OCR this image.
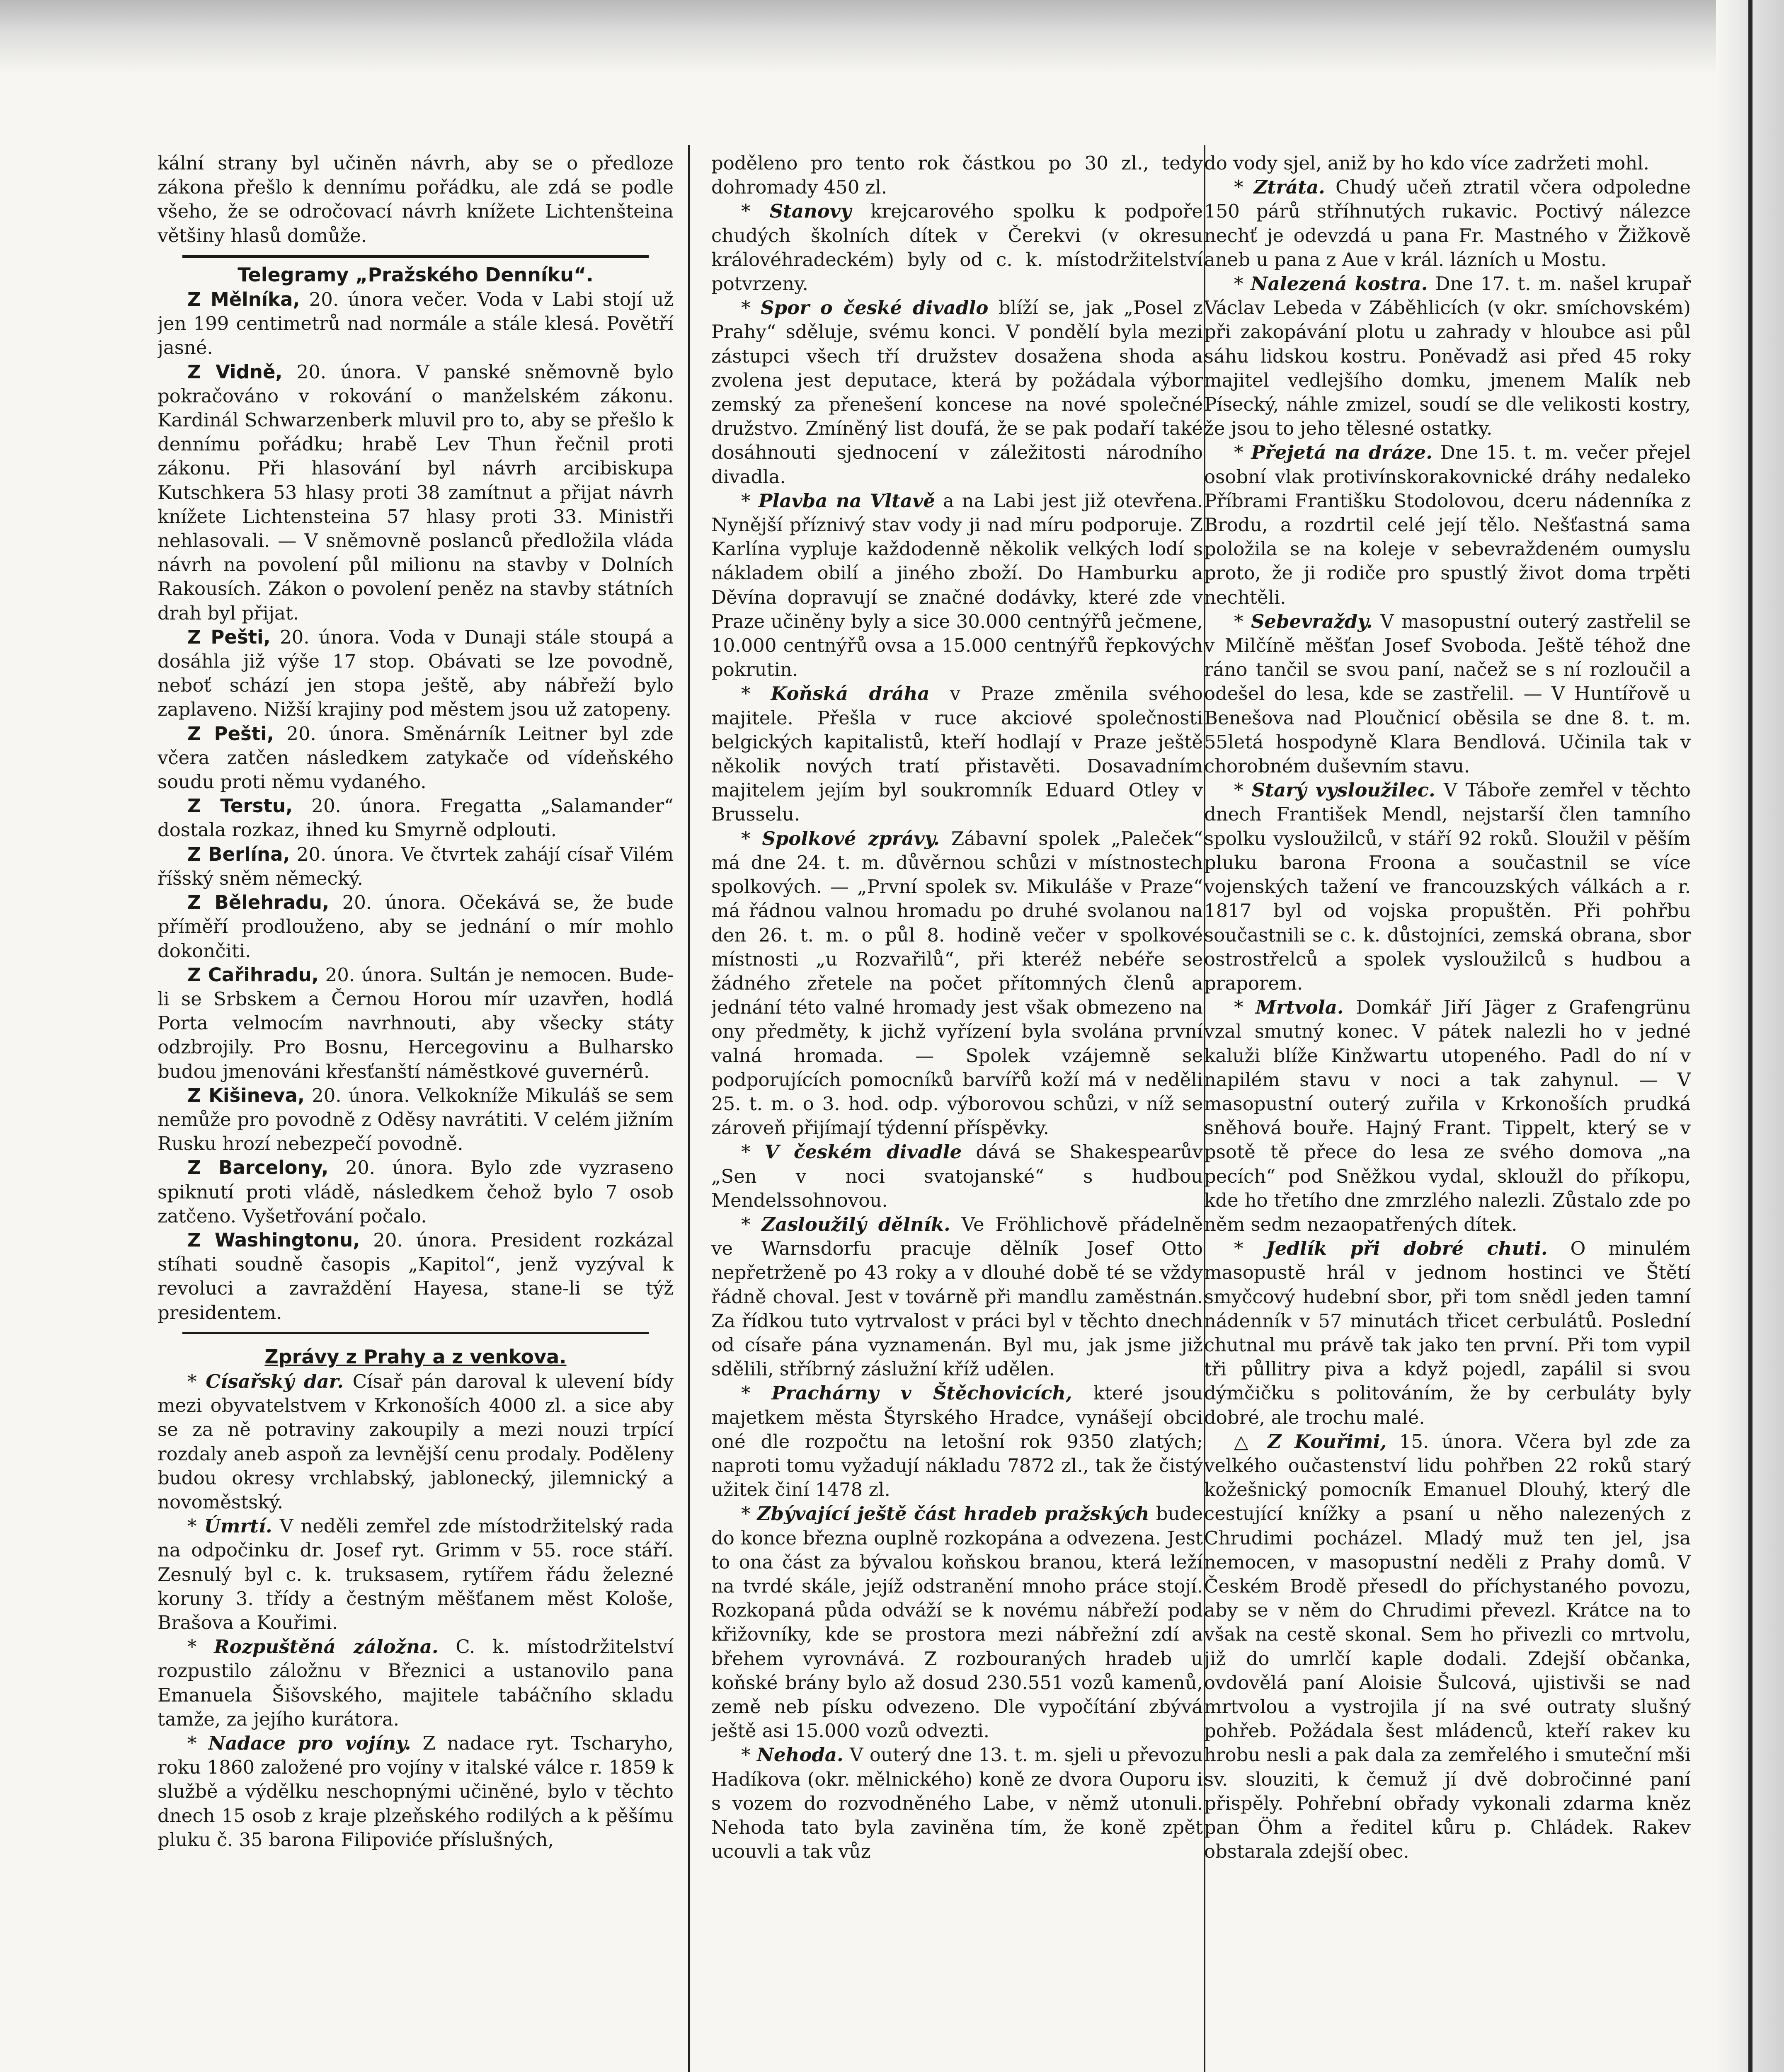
kální strany byl učiněn návrh, aby se o předloze zákona přešlo k dennímu pořádku, ale zdá se podle všeho, že se odročovací návrh knížete Lichtenšteina většiny hlasů domůže.

Telegramy „Pražského Denníku“.

Z Mělníka, 20. února večer. Voda v Labi stojí už jen 199 centimetrů nad normále a stále klesá. Povětří jasné.

Z Vidně, 20. února. V panské sněmovně bylo pokračováno v rokování o manželském zákonu. Kardinál Schwarzenberk mluvil pro to, aby se přešlo k dennímu pořádku; hrabě Lev Thun řečnil proti zákonu. Při hlasování byl návrh arcibiskupa Kutschkera 53 hlasy proti 38 zamítnut a přijat návrh knížete Lichtensteina 57 hlasy proti 33. Ministři nehlasovali. — V sněmovně poslanců předložila vláda návrh na povolení půl milionu na stavby v Dolních Rakousích. Zákon o povolení peněz na stavby státních drah byl přijat.

Z Pešti, 20. února. Voda v Dunaji stále stoupá a dosáhla již výše 17 stop. Obávati se lze povodně, neboť schází jen stopa ještě, aby nábřeží bylo zaplaveno. Nižší krajiny pod městem jsou už zatopeny.

Z Pešti, 20. února. Směnárník Leitner byl zde včera zatčen následkem zatykače od vídeňského soudu proti němu vydaného.

Z Terstu, 20. února. Fregatta „Salamander“ dostala rozkaz, ihned ku Smyrně odplouti.

Z Berlína, 20. února. Ve čtvrtek zahájí císař Vilém říšský sněm německý.

Z Bělehradu, 20. února. Očekává se, že bude příměří prodlouženo, aby se jednání o mír mohlo dokončiti.

Z Cařihradu, 20. února. Sultán je nemocen. Bude-li se Srbskem a Černou Horou mír uzavřen, hodlá Porta velmocím navrhnouti, aby všecky státy odzbrojily. Pro Bosnu, Hercegovinu a Bulharsko budou jmenováni křesťanští náměstkové guvernérů.

Z Kišineva, 20. února. Velkokníže Mikuláš se sem nemůže pro povodně z Oděsy navrátiti. V celém jižním Rusku hrozí nebezpečí povodně.

Z Barcelony, 20. února. Bylo zde vyzraseno spiknutí proti vládě, následkem čehož bylo 7 osob zatčeno. Vyšetřování počalo.

Z Washingtonu, 20. února. President rozkázal stíhati soudně časopis „Kapitol“, jenž vyzýval k revoluci a zavraždění Hayesa, stane-li se týž presidentem.

Zprávy z Prahy a z venkova.

* Císařský dar. Císař pán daroval k ulevení bídy mezi obyvatelstvem v Krkonoších 4000 zl. a sice aby se za ně potraviny zakoupily a mezi nouzi trpící rozdaly aneb aspoň za levnější cenu prodaly. Poděleny budou okresy vrchlabský, jablonecký, jilemnický a novoměstský.

* Úmrtí. V neděli zemřel zde místodržitelský rada na odpočinku dr. Josef ryt. Grimm v 55. roce stáří. Zesnulý byl c. k. truksasem, rytířem řádu železné koruny 3. třídy a čestným měšťanem měst Kološe, Brašova a Kouřimi.

* Rozpuštěná záložna. C. k. místodržitelství rozpustilo záložnu v Březnici a ustanovilo pana Emanuela Šišovského, majitele tabáčního skladu tamže, za jejího kurátora.

* Nadace pro vojíny. Z nadace ryt. Tscharyho, roku 1860 založené pro vojíny v italské válce r. 1859 k službě a výdělku neschopnými učiněné, bylo v těchto dnech 15 osob z kraje plzeňského rodilých a k pěšímu pluku č. 35 barona Filipoviće příslušných,

poděleno pro tento rok částkou po 30 zl., tedy dohromady 450 zl.

* Stanovy krejcarového spolku k podpoře chudých školních dítek v Čerekvi (v okresu královéhradeckém) byly od c. k. místodržitelství potvrzeny.

* Spor o české divadlo blíží se, jak „Posel z Prahy“ sděluje, svému konci. V pondělí byla mezi zástupci všech tří družstev dosažena shoda a zvolena jest deputace, která by požádala výbor zemský za přenešení koncese na nové společné družstvo. Zmíněný list doufá, že se pak podaří také dosáhnouti sjednocení v záležitosti národního divadla.

* Plavba na Vltavě a na Labi jest již otevřena. Nynější příznivý stav vody ji nad míru podporuje. Z Karlína vypluje každodenně několik velkých lodí s nákladem obilí a jiného zboží. Do Hamburku a Děvína dopravují se značné dodávky, které zde v Praze učiněny byly a sice 30.000 centnýřů ječmene, 10.000 centnýřů ovsa a 15.000 centnýřů řepkových pokrutin.

* Koňská dráha v Praze změnila svého majitele. Přešla v ruce akciové společnosti belgických kapitalistů, kteří hodlají v Praze ještě několik nových tratí přistavěti. Dosavadním majitelem jejím byl soukromník Eduard Otley v Brusselu.

* Spolkové zprávy. Zábavní spolek „Paleček“ má dne 24. t. m. důvěrnou schůzi v místnostech spolkových. — „První spolek sv. Mikuláše v Praze“ má řádnou valnou hromadu po druhé svolanou na den 26. t. m. o půl 8. hodině večer v spolkové místnosti „u Rozvařilů“, při kteréž nebéře se žádného zřetele na počet přítomných členů a jednání této valné hromady jest však obmezeno na ony předměty, k jichž vyřízení byla svolána první valná hromada. — Spolek vzájemně se podporujících pomocníků barvířů koží má v neděli 25. t. m. o 3. hod. odp. výborovou schůzi, v níž se zároveň přijímají týdenní příspěvky.

* V českém divadle dává se Shakespearův „Sen v noci svatojanské“ s hudbou Mendelssohnovou.

* Zasloužilý dělník. Ve Fröhlichově přádelně ve Warnsdorfu pracuje dělník Josef Otto nepřetrženě po 43 roky a v dlouhé době té se vždy řádně choval. Jest v továrně při mandlu zaměstnán. Za řídkou tuto vytrvalost v práci byl v těchto dnech od císaře pána vyznamenán. Byl mu, jak jsme již sdělili, stříbrný záslužní kříž udělen.

* Prachárny v Štěchovicích, které jsou majetkem města Štyrského Hradce, vynášejí obci oné dle rozpočtu na letošní rok 9350 zlatých; naproti tomu vyžadují nákladu 7872 zl., tak že čistý užitek činí 1478 zl.

* Zbývající ještě část hradeb pražských bude do konce března ouplně rozkopána a odvezena. Jest to ona část za bývalou koňskou branou, která leží na tvrdé skále, jejíž odstranění mnoho práce stojí. Rozkopaná půda odváží se k novému nábřeží pod křižovníky, kde se prostora mezi nábřežní zdí a břehem vyrovnává. Z rozbouraných hradeb u koňské brány bylo až dosud 230.551 vozů kamenů, země neb písku odvezeno. Dle vypočítání zbývá ještě asi 15.000 vozů odvezti.

* Nehoda. V outerý dne 13. t. m. sjeli u převozu Hadíkova (okr. mělnického) koně ze dvora Ouporu i s vozem do rozvodněného Labe, v němž utonuli. Nehoda tato byla zaviněna tím, že koně zpět ucouvli a tak vůz

do vody sjel, aniž by ho kdo více zadržeti mohl.

* Ztráta. Chudý učeň ztratil včera odpoledne 150 párů stříhnutých rukavic. Poctivý nálezce nechť je odevzdá u pana Fr. Mastného v Žižkově aneb u pana z Aue v král. lázních u Mostu.

* Nalezená kostra. Dne 17. t. m. našel krupař Václav Lebeda v Záběhlicích (v okr. smíchovském) při zakopávání plotu u zahrady v hloubce asi půl sáhu lidskou kostru. Poněvadž asi před 45 roky majitel vedlejšího domku, jmenem Malík neb Písecký, náhle zmizel, soudí se dle velikosti kostry, že jsou to jeho tělesné ostatky.

* Přejetá na dráze. Dne 15. t. m. večer přejel osobní vlak protivínskorakovnické dráhy nedaleko Příbrami Františku Stodolovou, dceru nádenníka z Brodu, a rozdrtil celé její tělo. Nešťastná sama položila se na koleje v sebevraždeném oumyslu proto, že ji rodiče pro spustlý život doma trpěti nechtěli.

* Sebevraždy. V masopustní outerý zastřelil se v Milčíně měšťan Josef Svoboda. Ještě téhož dne ráno tančil se svou paní, načež se s ní rozloučil a odešel do lesa, kde se zastřelil. — V Huntířově u Benešova nad Ploučnicí oběsila se dne 8. t. m. 55letá hospodyně Klara Bendlová. Učinila tak v chorobném duševním stavu.

* Starý vysloužilec. V Táboře zemřel v těchto dnech František Mendl, nejstarší člen tamního spolku vysloužilců, v stáří 92 roků. Sloužil v pěším pluku barona Froona a součastnil se více vojenských tažení ve francouzských válkách a r. 1817 byl od vojska propuštěn. Při pohřbu součastnili se c. k. důstojníci, zemská obrana, sbor ostrostřelců a spolek vysloužilců s hudbou a praporem.

* Mrtvola. Domkář Jiří Jäger z Grafengrünu vzal smutný konec. V pátek nalezli ho v jedné kaluži blíže Kinžwartu utopeného. Padl do ní v napilém stavu v noci a tak zahynul. — V masopustní outerý zuřila v Krkonoších prudká sněhová bouře. Hajný Frant. Tippelt, který se v psotě tě přece do lesa ze svého domova „na pecích“ pod Sněžkou vydal, skloužl do příkopu, kde ho třetího dne zmrzlého nalezli. Zůstalo zde po něm sedm nezaopatřených dítek.

* Jedlík při dobré chuti. O minulém masopustě hrál v jednom hostinci ve Štětí smyčcový hudební sbor, při tom snědl jeden tamní nádenník v 57 minutách třicet cerbulátů. Poslední chutnal mu právě tak jako ten první. Při tom vypil tři půllitry piva a když pojedl, zapálil si svou dýmčičku s politováním, že by cerbuláty byly dobré, ale trochu malé.

△ Z Kouřimi, 15. února. Včera byl zde za velkého oučastenství lidu pohřben 22 roků starý kožešnický pomocník Emanuel Dlouhý, který dle cestující knížky a psaní u něho nalezených z Chrudimi pocházel. Mladý muž ten jel, jsa nemocen, v masopustní neděli z Prahy domů. V Českém Brodě přesedl do příchystaného povozu, aby se v něm do Chrudimi převezl. Krátce na to však na cestě skonal. Sem ho přivezli co mrtvolu, již do umrlčí kaple dodali. Zdejší občanka, ovdovělá paní Aloisie Šulcová, ujistivši se nad mrtvolou a vystrojila jí na své outraty slušný pohřeb. Požádala šest mládenců, kteří rakev ku hrobu nesli a pak dala za zemřelého i smuteční mši sv. slouziti, k čemuž jí dvě dobročinné paní přispěly. Pohřební obřady vykonali zdarma kněz pan Öhm a ředitel kůru p. Chládek. Rakev obstarala zdejší obec.
